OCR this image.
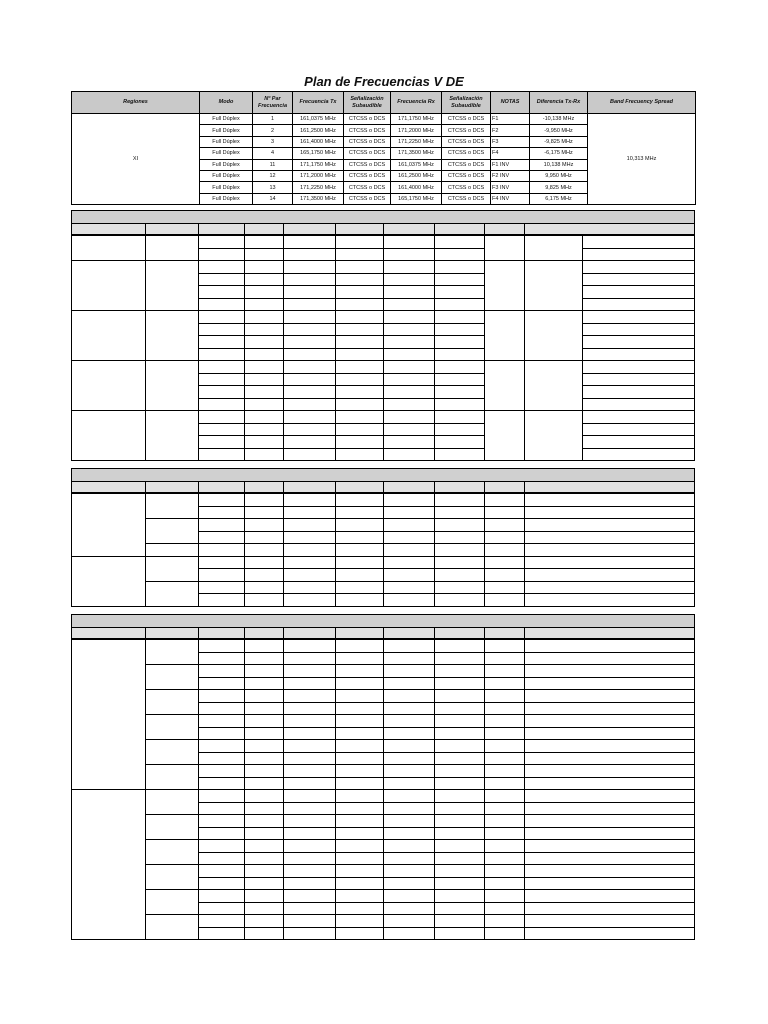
Plan de Frecuencias V DE
Regiones	Modo	Nº Par Frecuencia	Frecuencia Tx	Señalización Subaudible	Frecuencia Rx	Señalización Subaudible	NOTAS	Diferencia Tx-Rx	Band Frecuency Spread
XI	Full Dúplex	1	161,0375 MHz	CTCSS o DCS	171,1750 MHz	CTCSS o DCS	F1	-10,138 MHz	10,313 MHz
	Full Dúplex	2	161,2500 MHz	CTCSS o DCS	171,2000 MHz	CTCSS o DCS	F2	-9,950 MHz	
	Full Dúplex	3	161,4000 MHz	CTCSS o DCS	171,2250 MHz	CTCSS o DCS	F3	-9,825 MHz	
	Full Dúplex	4	165,1750 MHz	CTCSS o DCS	171,3500 MHz	CTCSS o DCS	F4	-6,175 MHz	
	Full Dúplex	11	171,1750 MHz	CTCSS o DCS	161,0375 MHz	CTCSS o DCS	F1 INV	10,138 MHz	
	Full Dúplex	12	171,2000 MHz	CTCSS o DCS	161,2500 MHz	CTCSS o DCS	F2 INV	9,950 MHz	
	Full Dúplex	13	171,2250 MHz	CTCSS o DCS	161,4000 MHz	CTCSS o DCS	F3 INV	9,825 MHz	
	Full Dúplex	14	171,3500 MHz	CTCSS o DCS	165,1750 MHz	CTCSS o DCS	F4 INV	6,175 MHz	
